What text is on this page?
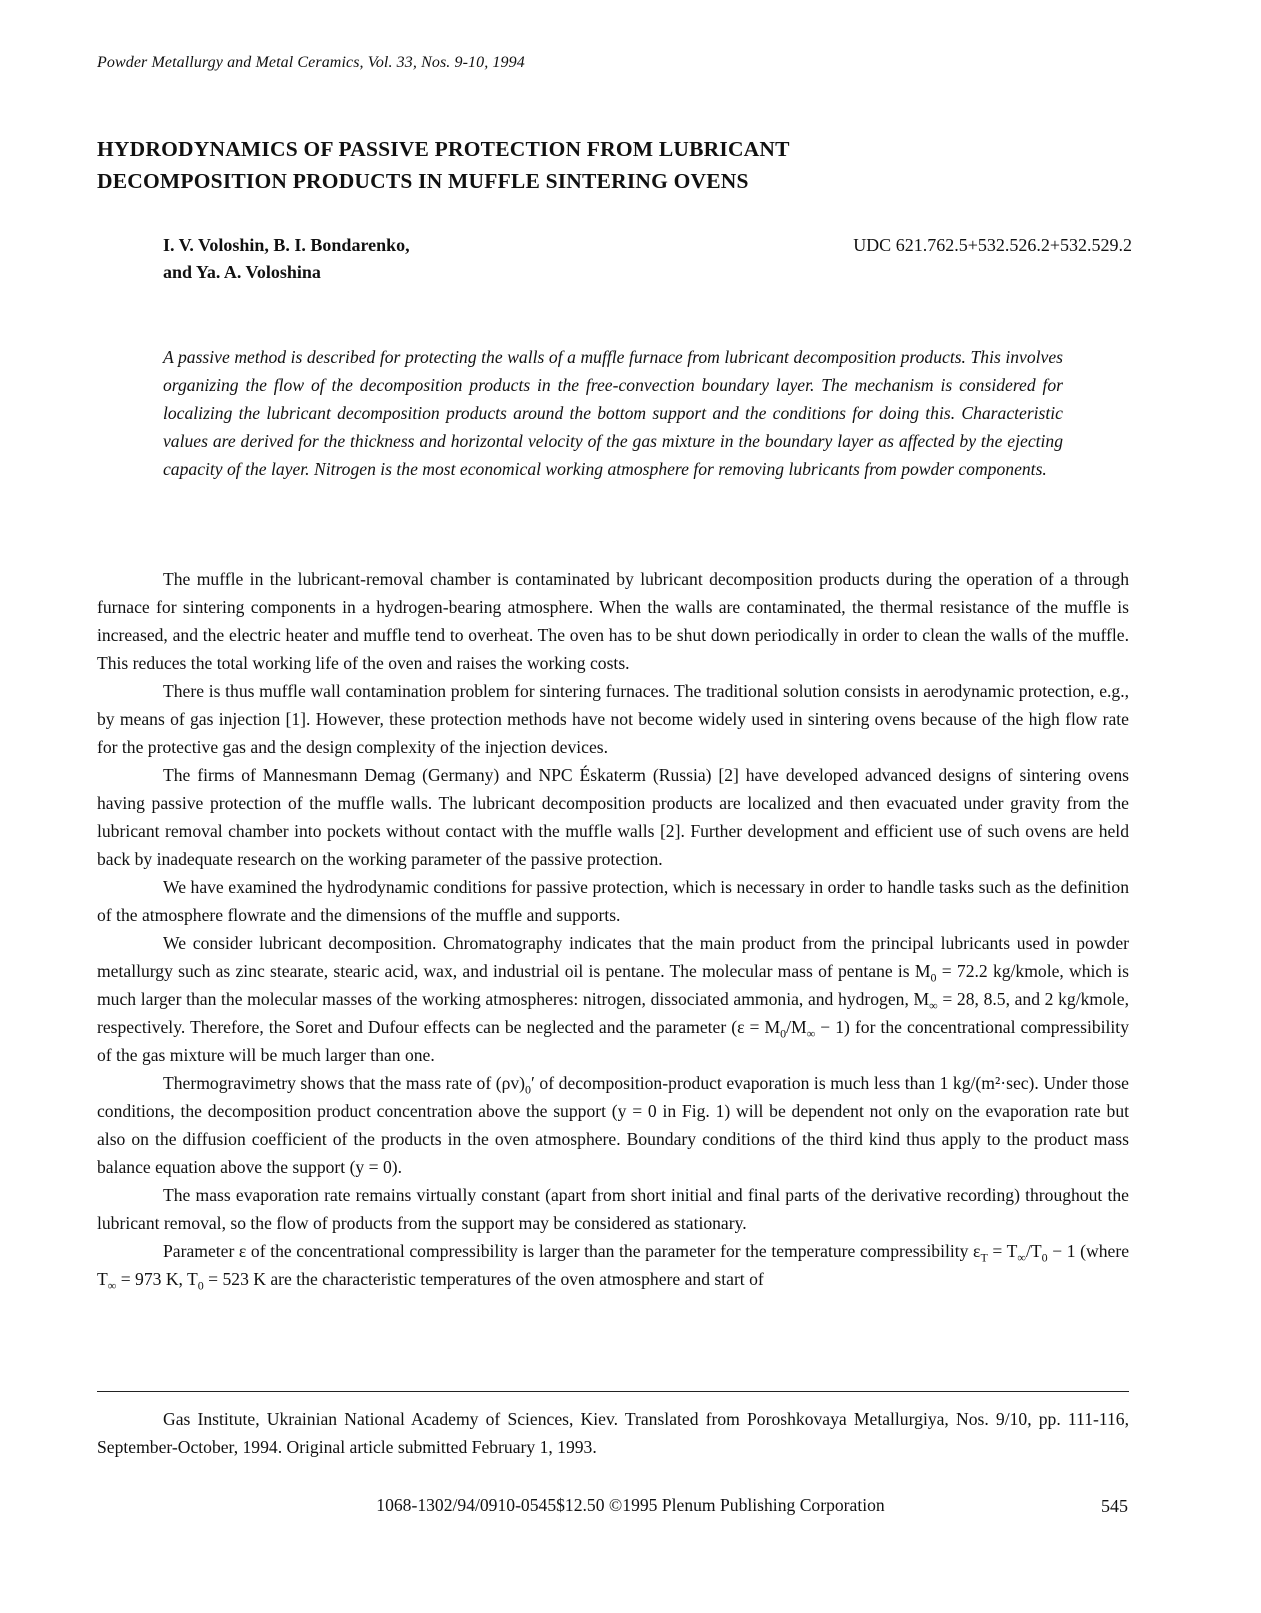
Powder Metallurgy and Metal Ceramics, Vol. 33, Nos. 9-10, 1994
HYDRODYNAMICS OF PASSIVE PROTECTION FROM LUBRICANT
DECOMPOSITION PRODUCTS IN MUFFLE SINTERING OVENS
I. V. Voloshin, B. I. Bondarenko,
and Ya. A. Voloshina
UDC 621.762.5+532.526.2+532.529.2
A passive method is described for protecting the walls of a muffle furnace from lubricant decomposition products. This involves organizing the flow of the decomposition products in the free-convection boundary layer. The mechanism is considered for localizing the lubricant decomposition products around the bottom support and the conditions for doing this. Characteristic values are derived for the thickness and horizontal velocity of the gas mixture in the boundary layer as affected by the ejecting capacity of the layer. Nitrogen is the most economical working atmosphere for removing lubricants from powder components.

The muffle in the lubricant-removal chamber is contaminated by lubricant decomposition products during the operation of a through furnace for sintering components in a hydrogen-bearing atmosphere. When the walls are contaminated, the thermal resistance of the muffle is increased, and the electric heater and muffle tend to overheat. The oven has to be shut down periodically in order to clean the walls of the muffle. This reduces the total working life of the oven and raises the working costs.

There is thus muffle wall contamination problem for sintering furnaces. The traditional solution consists in aerodynamic protection, e.g., by means of gas injection [1]. However, these protection methods have not become widely used in sintering ovens because of the high flow rate for the protective gas and the design complexity of the injection devices.

The firms of Mannesmann Demag (Germany) and NPC Éskaterm (Russia) [2] have developed advanced designs of sintering ovens having passive protection of the muffle walls. The lubricant decomposition products are localized and then evacuated under gravity from the lubricant removal chamber into pockets without contact with the muffle walls [2]. Further development and efficient use of such ovens are held back by inadequate research on the working parameter of the passive protection.

We have examined the hydrodynamic conditions for passive protection, which is necessary in order to handle tasks such as the definition of the atmosphere flowrate and the dimensions of the muffle and supports.

We consider lubricant decomposition. Chromatography indicates that the main product from the principal lubricants used in powder metallurgy such as zinc stearate, stearic acid, wax, and industrial oil is pentane. The molecular mass of pentane is $M_0 = 72.2$ kg/kmole, which is much larger than the molecular masses of the working atmospheres: nitrogen, dissociated ammonia, and hydrogen, $M_\infty = 28$, 8.5, and 2 kg/kmole, respectively. Therefore, the Soret and Dufour effects can be neglected and the parameter $(\varepsilon = M_0/M_\infty - 1)$ for the concentrational compressibility of the gas mixture will be much larger than one.

Thermogravimetry shows that the mass rate of $(\rho v)_0'$ of decomposition-product evaporation is much less than 1 kg/(m²·sec). Under those conditions, the decomposition product concentration above the support (y = 0 in Fig. 1) will be dependent not only on the evaporation rate but also on the diffusion coefficient of the products in the oven atmosphere. Boundary conditions of the third kind thus apply to the product mass balance equation above the support (y = 0).

The mass evaporation rate remains virtually constant (apart from short initial and final parts of the derivative recording) throughout the lubricant removal, so the flow of products from the support may be considered as stationary.

Parameter ε of the concentrational compressibility is larger than the parameter for the temperature compressibility $\varepsilon_T = T_\infty/T_0 - 1$ (where $T_\infty = 973$ K, $T_0 = 523$ K are the characteristic temperatures of the oven atmosphere and start of

Gas Institute, Ukrainian National Academy of Sciences, Kiev. Translated from Poroshkovaya Metallurgiya, Nos. 9/10, pp. 111-116, September-October, 1994. Original article submitted February 1, 1993.
1068-1302/94/0910-0545$12.50 ©1995 Plenum Publishing Corporation	545
